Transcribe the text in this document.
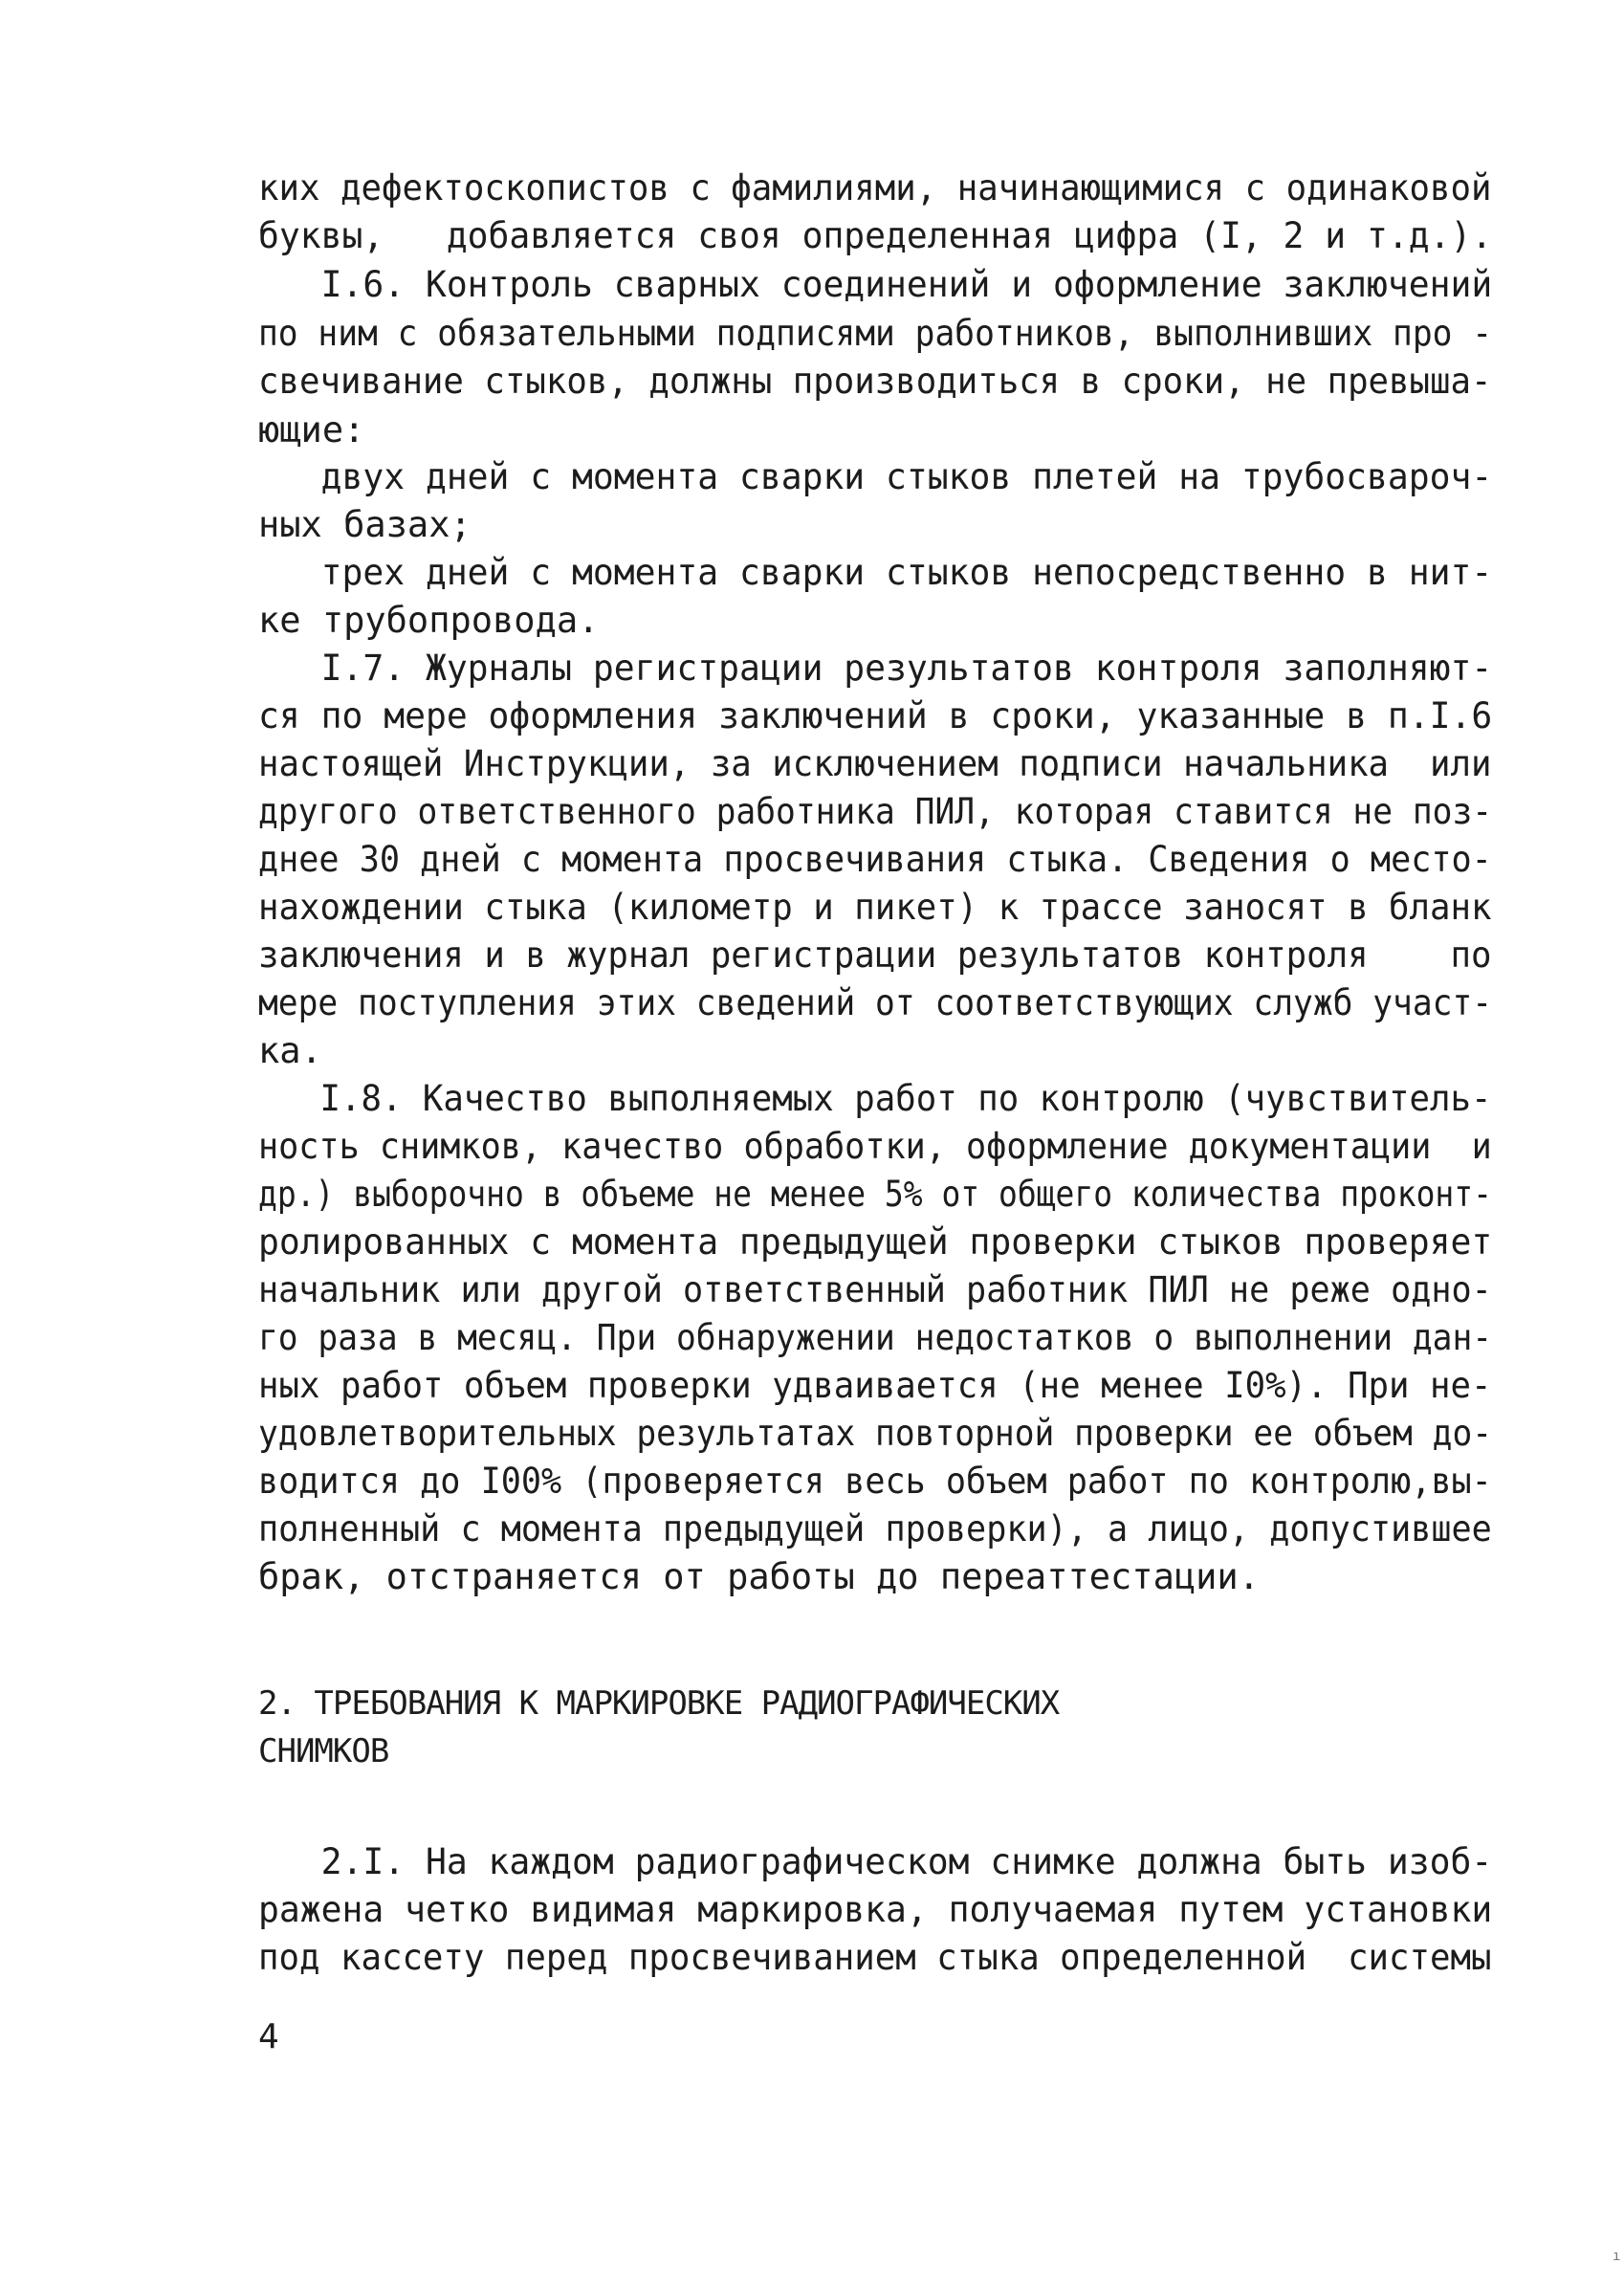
ких дефектоскопистов с фамилиями, начинающимися с одинаковой
буквы,   добавляется своя определенная цифра (I, 2 и т.д.).
I.6. Контроль сварных соединений и оформление заключений
по ним с обязательными подписями работников, выполнивших про -
свечивание стыков, должны производиться в сроки, не превыша-
ющие:
двух дней с момента сварки стыков плетей на трубосвароч-
ных базах;
трех дней с момента сварки стыков непосредственно в нит-
ке трубопровода.
I.7. Журналы регистрации результатов контроля заполняют-
ся по мере оформления заключений в сроки, указанные в п.I.6
настоящей Инструкции, за исключением подписи начальника  или
другого ответственного работника ПИЛ, которая ставится не поз-
днее 30 дней с момента просвечивания стыка. Сведения о место-
нахождении стыка (километр и пикет) к трассе заносят в бланк
заключения и в журнал регистрации результатов контроля    по
мере поступления этих сведений от соответствующих служб участ-
ка.
I.8. Качество выполняемых работ по контролю (чувствитель-
ность снимков, качество обработки, оформление документации  и
др.) выборочно в объеме не менее 5% от общего количества проконт-
ролированных с момента предыдущей проверки стыков проверяет
начальник или другой ответственный работник ПИЛ не реже одно-
го раза в месяц. При обнаружении недостатков о выполнении дан-
ных работ объем проверки удваивается (не менее I0%). При не-
удовлетворительных результатах повторной проверки ее объем до-
водится до I00% (проверяется весь объем работ по контролю,вы-
полненный с момента предыдущей проверки), а лицо, допустившее
брак, отстраняется от работы до переаттестации.
2. ТРЕБОВАНИЯ К МАРКИРОВКЕ РАДИОГРАФИЧЕСКИХ
СНИМКОВ
2.I. На каждом радиографическом снимке должна быть изоб-
ражена четко видимая маркировка, получаемая путем установки
под кассету перед просвечиванием стыка определенной  системы
4
ı
